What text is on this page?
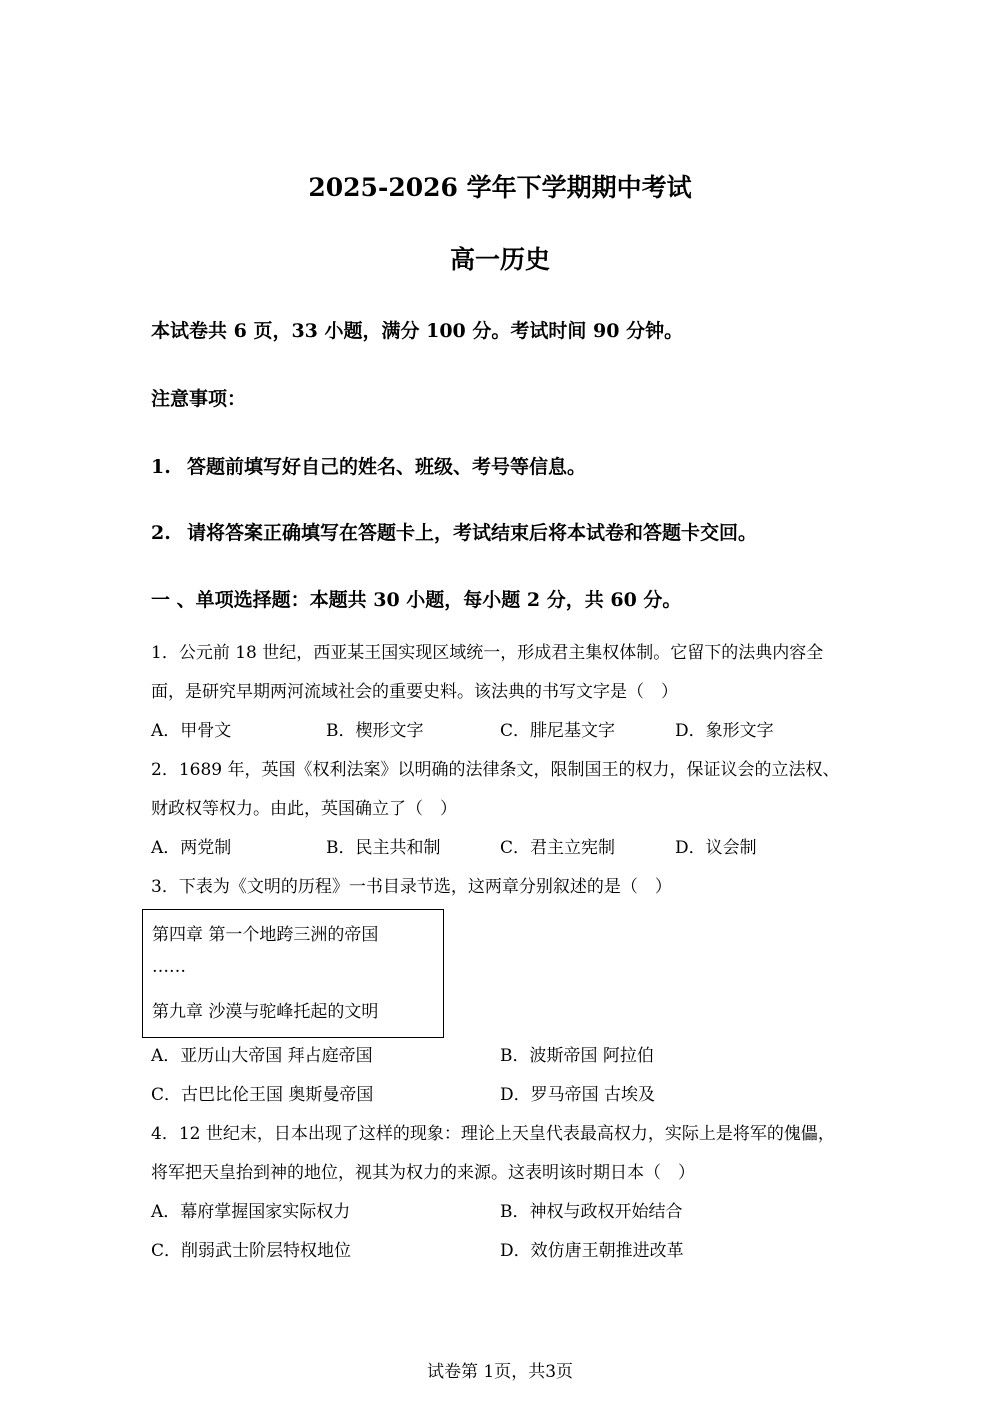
2025-2026 学年下学期期中考试
高一历史
本试卷共 6 页，33 小题，满分 100 分。考试时间 90 分钟。
注意事项：
1. 答题前填写好自己的姓名、班级、考号等信息。
2. 请将答案正确填写在答题卡上，考试结束后将本试卷和答题卡交回。
一 、单项选择题：本题共 30 小题，每小题 2 分，共 60 分。
1．公元前 18 世纪，西亚某王国实现区域统一，形成君主集权体制。它留下的法典内容全
面，是研究早期两河流域社会的重要史料。该法典的书写文字是（　）
A．甲骨文	B．楔形文字	C．腓尼基文字	D．象形文字
2．1689 年，英国《权利法案》以明确的法律条文，限制国王的权力，保证议会的立法权、
财政权等权力。由此，英国确立了（　）
A．两党制	B．民主共和制	C．君主立宪制	D．议会制
3．下表为《文明的历程》一书目录节选，这两章分别叙述的是（　）
第四章 第一个地跨三洲的帝国
……
第九章 沙漠与驼峰托起的文明
A．亚历山大帝国 拜占庭帝国	B．波斯帝国 阿拉伯
C．古巴比伦王国 奥斯曼帝国	D．罗马帝国 古埃及
4．12 世纪末，日本出现了这样的现象：理论上天皇代表最高权力，实际上是将军的傀儡，
将军把天皇抬到神的地位，视其为权力的来源。这表明该时期日本（　）
A．幕府掌握国家实际权力	B．神权与政权开始结合
C．削弱武士阶层特权地位	D．效仿唐王朝推进改革
试卷第 1页，共3页
